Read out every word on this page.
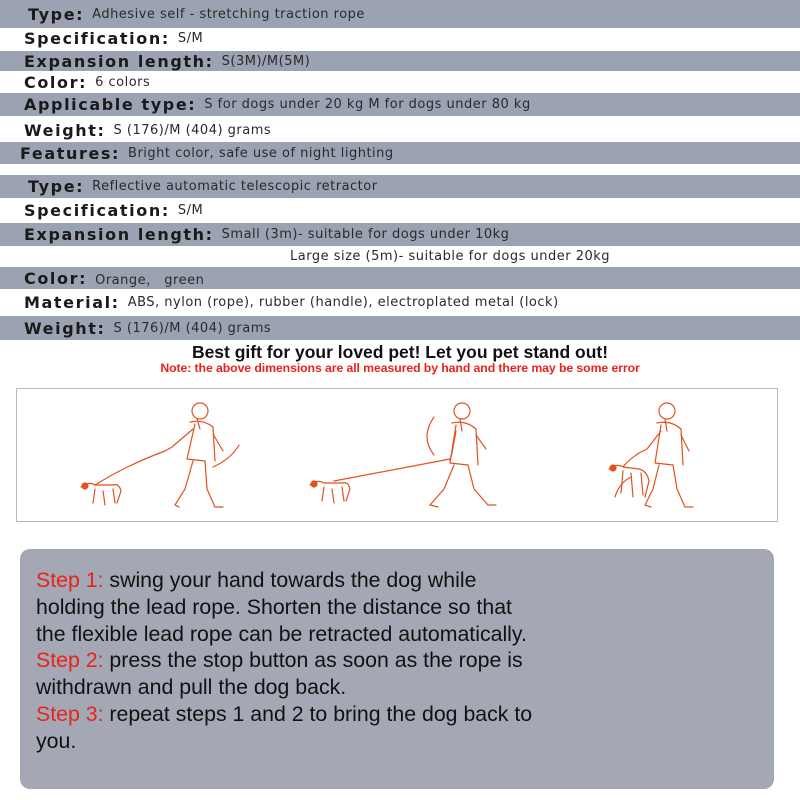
Type: Adhesive self - stretching traction rope
Specification: S/M
Expansion length: S(3M)/M(5M)
Color: 6 colors
Applicable type: S for dogs under 20 kg M for dogs under 80 kg
Weight: S (176)/M (404) grams
Features: Bright color, safe use of night lighting
Type: Reflective automatic telescopic retractor
Specification: S/M
Expansion length: Small (3m)- suitable for dogs under 10kg
Large size (5m)- suitable for dogs under 20kg
Color: Orange， green
Material: ABS, nylon (rope), rubber (handle), electroplated metal (lock)
Weight: S (176)/M (404) grams
Best gift for your loved pet! Let you pet stand out!
Note: the above dimensions are all measured by hand and there may be some error
Step 1: swing your hand towards the dog while
holding the lead rope. Shorten the distance so that
the flexible lead rope can be retracted automatically.
Step 2: press the stop button as soon as the rope is
withdrawn and pull the dog back.
Step 3: repeat steps 1 and 2 to bring the dog back to
you.
